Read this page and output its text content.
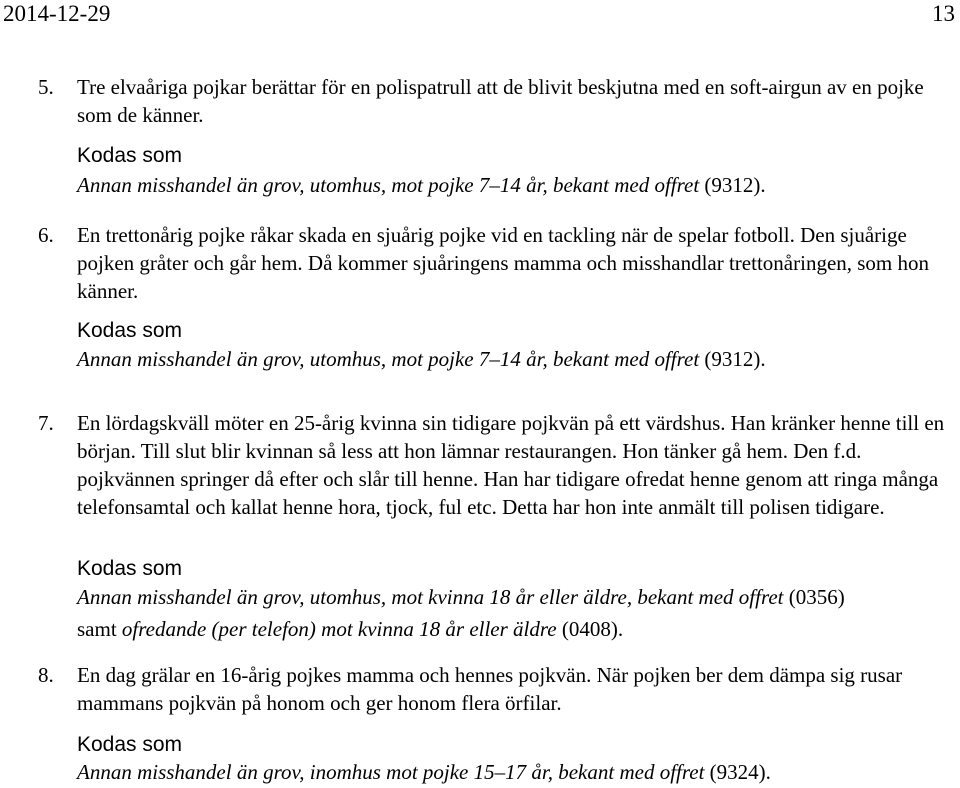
2014-12-29	13
5. Tre elvaåriga pojkar berättar för en polispatrull att de blivit beskjutna med en soft-airgun av en pojke som de känner.
Kodas som
Annan misshandel än grov, utomhus, mot pojke 7–14 år, bekant med offret (9312).
6. En trettonårig pojke råkar skada en sjuårig pojke vid en tackling när de spelar fotboll. Den sjuårige pojken gråter och går hem. Då kommer sjuåringens mamma och misshandlar trettonåringen, som hon känner.
Kodas som
Annan misshandel än grov, utomhus, mot pojke 7–14 år, bekant med offret (9312).
7. En lördagskväll möter en 25-årig kvinna sin tidigare pojkvän på ett värdshus. Han kränker henne till en början. Till slut blir kvinnan så less att hon lämnar restaurangen. Hon tänker gå hem. Den f.d. pojkvännen springer då efter och slår till henne. Han har tidigare ofredat henne genom att ringa många telefonsamtal och kallat henne hora, tjock, ful etc. Detta har hon inte anmält till polisen tidigare.
Kodas som
Annan misshandel än grov, utomhus, mot kvinna 18 år eller äldre, bekant med offret (0356)
samt ofredande (per telefon) mot kvinna 18 år eller äldre (0408).
8. En dag grälar en 16-årig pojkes mamma och hennes pojkvän. När pojken ber dem dämpa sig rusar mammans pojkvän på honom och ger honom flera örfilar.
Kodas som
Annan misshandel än grov, inomhus mot pojke 15–17 år, bekant med offret (9324).
